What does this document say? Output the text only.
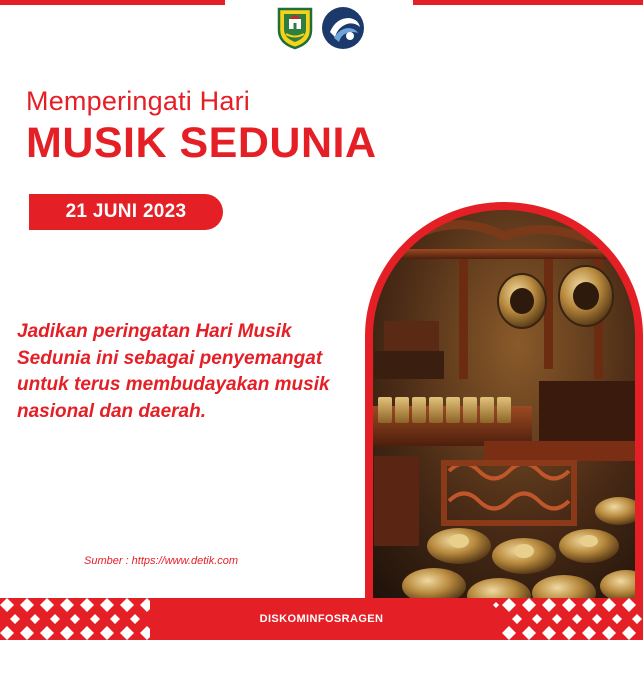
Memperingati Hari
MUSIK SEDUNIA
21 JUNI 2023

Jadikan peringatan Hari Musik Sedunia ini sebagai penyemangat untuk terus membudayakan musik nasional dan daerah.

Sumber : https://www.detik.com

DISKOMINFOSRAGEN
